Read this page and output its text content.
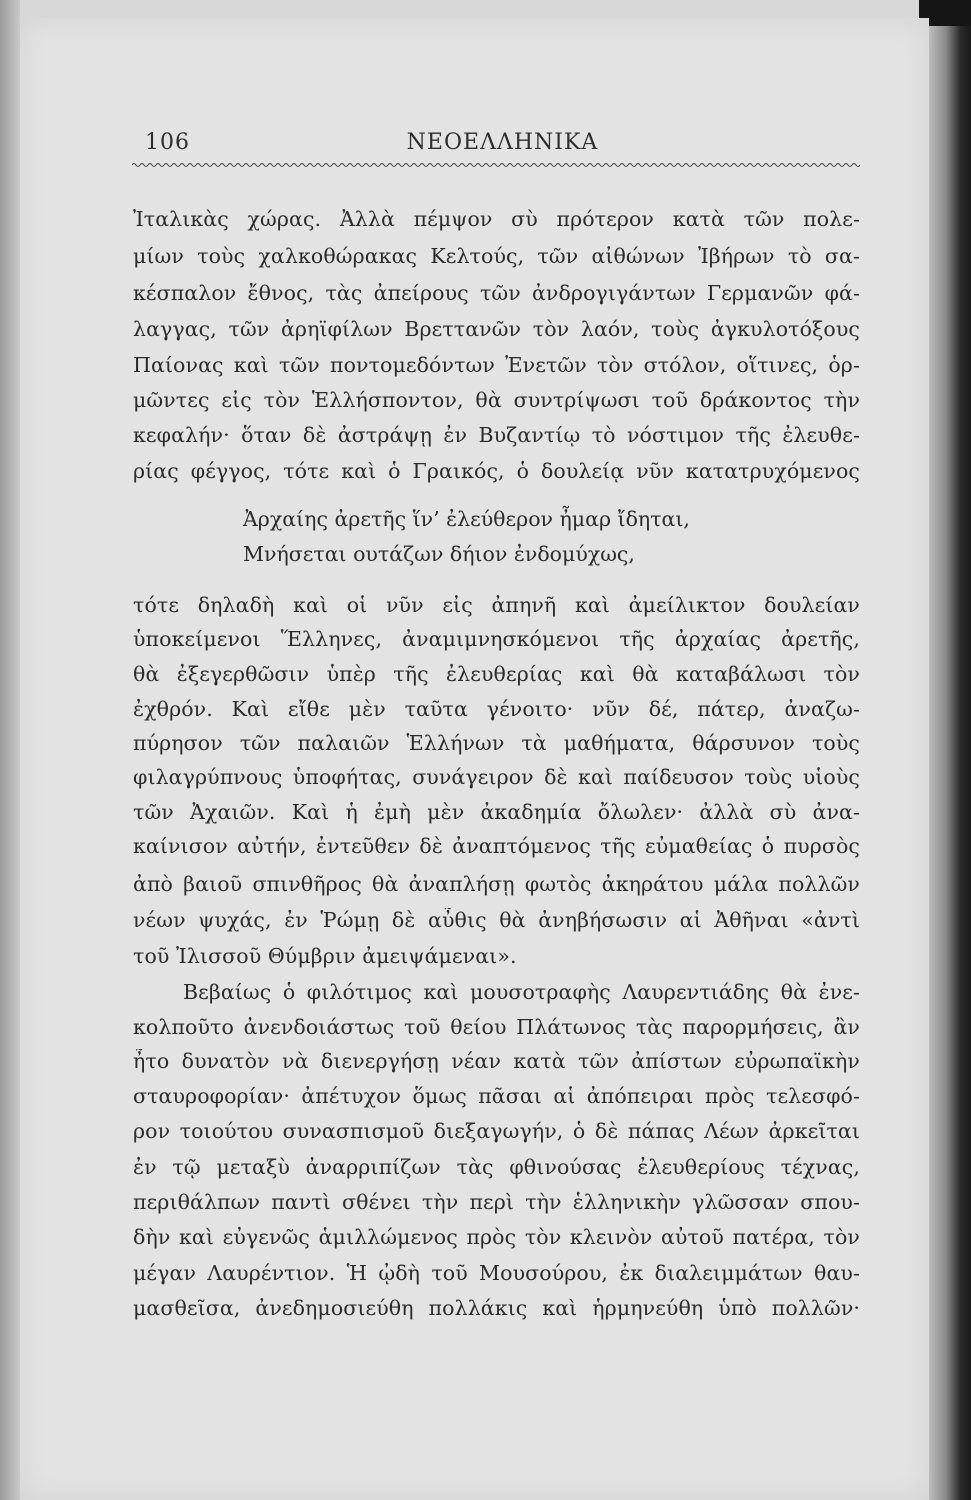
106	ΝΕΟΕΛΛΗΝΙΚΑ
Ἰταλικὰς χώρας. Ἀλλὰ πέμψον σὺ πρότερον κατὰ τῶν πολε-
μίων τοὺς χαλκοθώρακας Κελτούς, τῶν αἰθώνων Ἰβήρων τὸ σα-
κέσπαλον ἔθνος, τὰς ἀπείρους τῶν ἀνδρογιγάντων Γερμανῶν φά-
λαγγας, τῶν ἀρηϊφίλων Βρεττανῶν τὸν λαόν, τοὺς ἀγκυλοτόξους
Παίονας καὶ τῶν ποντομεδόντων Ἐνετῶν τὸν στόλον, οἵτινες, ὁρ-
μῶντες εἰς τὸν Ἑλλήσποντον, θὰ συντρίψωσι τοῦ δράκοντος τὴν
κεφαλήν· ὅταν δὲ ἀστράψῃ ἐν Βυζαντίῳ τὸ νόστιμον τῆς ἐλευθε-
ρίας φέγγος, τότε καὶ ὁ Γραικός, ὁ δουλείᾳ νῦν κατατρυχόμενος
Ἀρχαίης ἀρετῆς ἵν’ ἐλεύθερον ἦμαρ ἴδηται,
Μνήσεται ουτάζων δήιον ἐνδομύχως,
τότε δηλαδὴ καὶ οἱ νῦν εἰς ἀπηνῆ καὶ ἀμείλικτον δουλείαν
ὑποκείμενοι Ἕλληνες, ἀναμιμνησκόμενοι τῆς ἀρχαίας ἀρετῆς,
θὰ ἐξεγερθῶσιν ὑπὲρ τῆς ἐλευθερίας καὶ θὰ καταβάλωσι τὸν
ἐχθρόν. Καὶ εἴθε μὲν ταῦτα γένοιτο· νῦν δέ, πάτερ, ἀναζω-
πύρησον τῶν παλαιῶν Ἑλλήνων τὰ μαθήματα, θάρσυνον τοὺς
φιλαγρύπνους ὑποφήτας, συνάγειρον δὲ καὶ παίδευσον τοὺς υἱοὺς
τῶν Ἀχαιῶν. Καὶ ἡ ἐμὴ μὲν ἀκαδημία ὄλωλεν· ἀλλὰ σὺ ἀνα-
καίνισον αὐτήν, ἐντεῦθεν δὲ ἀναπτόμενος τῆς εὐμαθείας ὁ πυρσὸς
ἀπὸ βαιοῦ σπινθῆρος θὰ ἀναπλήσῃ φωτὸς ἀκηράτου μάλα πολλῶν
νέων ψυχάς, ἐν Ῥώμῃ δὲ αὖθις θὰ ἀνηβήσωσιν αἱ Ἀθῆναι «ἀντὶ
τοῦ Ἰλισσοῦ Θύμβριν ἀμειψάμεναι».
Βεβαίως ὁ φιλότιμος καὶ μουσοτραφὴς Λαυρεντιάδης θὰ ἐνε-
κολποῦτο ἀνενδοιάστως τοῦ θείου Πλάτωνος τὰς παρορμήσεις, ἂν
ἦτο δυνατὸν νὰ διενεργήσῃ νέαν κατὰ τῶν ἀπίστων εὐρωπαϊκὴν
σταυροφορίαν· ἀπέτυχον ὅμως πᾶσαι αἱ ἀπόπειραι πρὸς τελεσφό-
ρον τοιούτου συνασπισμοῦ διεξαγωγήν, ὁ δὲ πάπας Λέων ἀρκεῖται
ἐν τῷ μεταξὺ ἀναρριπίζων τὰς φθινούσας ἐλευθερίους τέχνας,
περιθάλπων παντὶ σθένει τὴν περὶ τὴν ἑλληνικὴν γλῶσσαν σπου-
δὴν καὶ εὐγενῶς ἁμιλλώμενος πρὸς τὸν κλεινὸν αὐτοῦ πατέρα, τὸν
μέγαν Λαυρέντιον. Ἡ ᾠδὴ τοῦ Μουσούρου, ἐκ διαλειμμάτων θαυ-
μασθεῖσα, ἀνεδημοσιεύθη πολλάκις καὶ ἡρμηνεύθη ὑπὸ πολλῶν·
